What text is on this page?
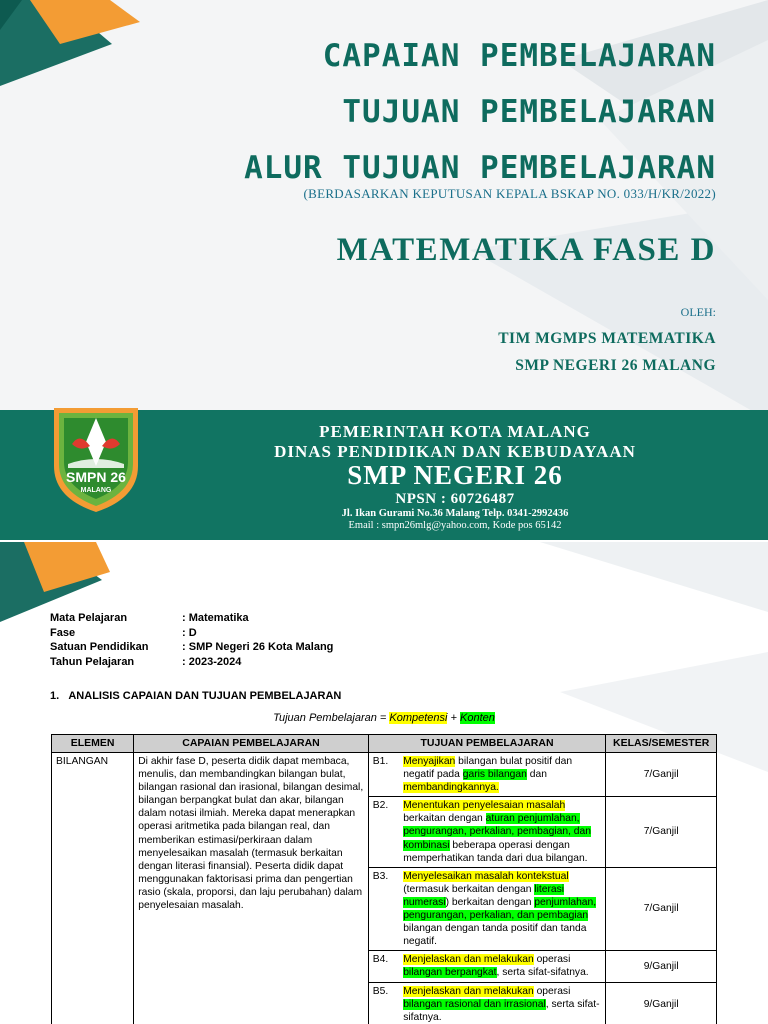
CAPAIAN PEMBELAJARAN
TUJUAN PEMBELAJARAN
ALUR TUJUAN PEMBELAJARAN
(BERDASARKAN KEPUTUSAN KEPALA BSKAP NO. 033/H/KR/2022)
MATEMATIKA FASE D
OLEH:
TIM MGMPS MATEMATIKA
SMP NEGERI 26 MALANG
SMPN 26
MALANG
PEMERINTAH KOTA MALANG
DINAS PENDIDIKAN DAN KEBUDAYAAN
SMP NEGERI 26
NPSN : 60726487
Jl. Ikan Gurami No.36 Malang Telp. 0341-2992436
Email : smpn26mlg@yahoo.com, Kode pos 65142
Mata Pelajaran	: Matematika
Fase	: D
Satuan Pendidikan	: SMP Negeri 26 Kota Malang
Tahun Pelajaran	: 2023-2024
1. ANALISIS CAPAIAN DAN TUJUAN PEMBELAJARAN
Tujuan Pembelajaran = Kompetensi + Konten
ELEMEN	CAPAIAN PEMBELAJARAN	TUJUAN PEMBELAJARAN		KELAS/SEMESTER
BILANGAN	Di akhir fase D, peserta didik dapat membaca, menulis, dan membandingkan bilangan bulat, bilangan rasional dan irasional, bilangan desimal, bilangan berpangkat bulat dan akar, bilangan dalam notasi ilmiah. Mereka dapat menerapkan operasi aritmetika pada bilangan real, dan memberikan estimasi/perkiraan dalam menyelesaikan masalah (termasuk berkaitan dengan literasi finansial). Peserta didik dapat menggunakan faktorisasi prima dan pengertian rasio (skala, proporsi, dan laju perubahan) dalam penyelesaian masalah.	B1.	Menyajikan bilangan bulat positif dan negatif pada garis bilangan dan membandingkannya.	7/Ganjil
		B2.	Menentukan penyelesaian masalah berkaitan dengan aturan penjumlahan, pengurangan, perkalian, pembagian, dan kombinasi beberapa operasi dengan memperhatikan tanda dari dua bilangan.	7/Ganjil
		B3.	Menyelesaikan masalah kontekstual (termasuk berkaitan dengan literasi numerasi) berkaitan dengan penjumlahan, pengurangan, perkalian, dan pembagian bilangan dengan tanda positif dan tanda negatif.	7/Ganjil
		B4.	Menjelaskan dan melakukan operasi bilangan berpangkat, serta sifat-sifatnya.	9/Ganjil
		B5.	Menjelaskan dan melakukan operasi bilangan rasional dan irrasional, serta sifat-sifatnya.	9/Ganjil
